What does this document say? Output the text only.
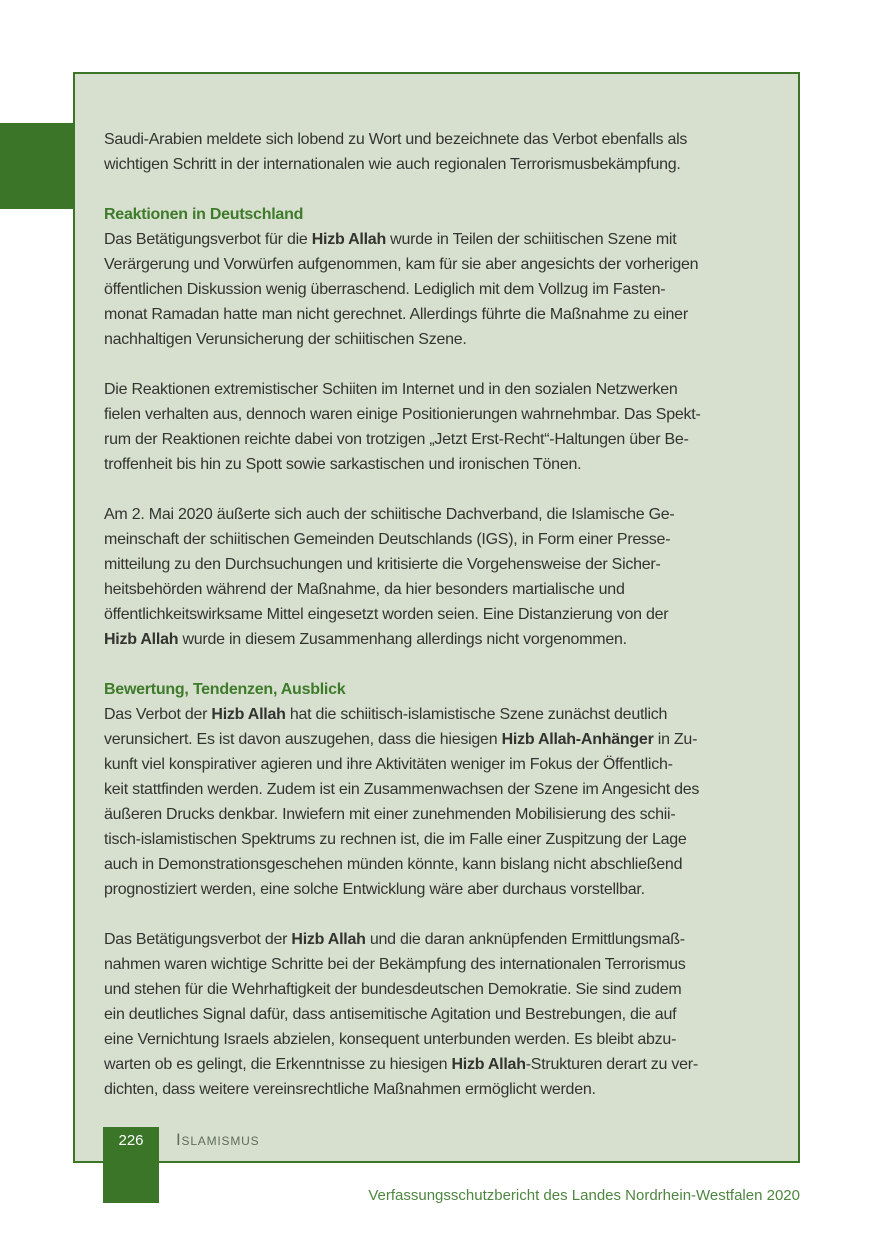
Saudi-Arabien meldete sich lobend zu Wort und bezeichnete das Verbot ebenfalls als
wichtigen Schritt in der internationalen wie auch regionalen Terrorismusbekämpfung.
Reaktionen in Deutschland
Das Betätigungsverbot für die Hizb Allah wurde in Teilen der schiitischen Szene mit
Verärgerung und Vorwürfen aufgenommen, kam für sie aber angesichts der vorherigen
öffentlichen Diskussion wenig überraschend. Lediglich mit dem Vollzug im Fasten-
monat Ramadan hatte man nicht gerechnet. Allerdings führte die Maßnahme zu einer
nachhaltigen Verunsicherung der schiitischen Szene.
Die Reaktionen extremistischer Schiiten im Internet und in den sozialen Netzwerken
fielen verhalten aus, dennoch waren einige Positionierungen wahrnehmbar. Das Spekt-
rum der Reaktionen reichte dabei von trotzigen „Jetzt Erst-Recht“-Haltungen über Be-
troffenheit bis hin zu Spott sowie sarkastischen und ironischen Tönen.
Am 2. Mai 2020 äußerte sich auch der schiitische Dachverband, die Islamische Ge-
meinschaft der schiitischen Gemeinden Deutschlands (IGS), in Form einer Presse-
mitteilung zu den Durchsuchungen und kritisierte die Vorgehensweise der Sicher-
heitsbehörden während der Maßnahme, da hier besonders martialische und
öffentlichkeitswirksame Mittel eingesetzt worden seien. Eine Distanzierung von der
Hizb Allah wurde in diesem Zusammenhang allerdings nicht vorgenommen.
Bewertung, Tendenzen, Ausblick
Das Verbot der Hizb Allah hat die schiitisch-islamistische Szene zunächst deutlich
verunsichert. Es ist davon auszugehen, dass die hiesigen Hizb Allah-Anhänger in Zu-
kunft viel konspirativer agieren und ihre Aktivitäten weniger im Fokus der Öffentlich-
keit stattfinden werden. Zudem ist ein Zusammenwachsen der Szene im Angesicht des
äußeren Drucks denkbar. Inwiefern mit einer zunehmenden Mobilisierung des schii-
tisch-islamistischen Spektrums zu rechnen ist, die im Falle einer Zuspitzung der Lage
auch in Demonstrationsgeschehen münden könnte, kann bislang nicht abschließend
prognostiziert werden, eine solche Entwicklung wäre aber durchaus vorstellbar.
Das Betätigungsverbot der Hizb Allah und die daran anknüpfenden Ermittlungsmaß-
nahmen waren wichtige Schritte bei der Bekämpfung des internationalen Terrorismus
und stehen für die Wehrhaftigkeit der bundesdeutschen Demokratie. Sie sind zudem
ein deutliches Signal dafür, dass antisemitische Agitation und Bestrebungen, die auf
eine Vernichtung Israels abzielen, konsequent unterbunden werden. Es bleibt abzu-
warten ob es gelingt, die Erkenntnisse zu hiesigen Hizb Allah-Strukturen derart zu ver-
dichten, dass weitere vereinsrechtliche Maßnahmen ermöglicht werden.
226	Islamismus
Verfassungsschutzbericht des Landes Nordrhein-Westfalen 2020
